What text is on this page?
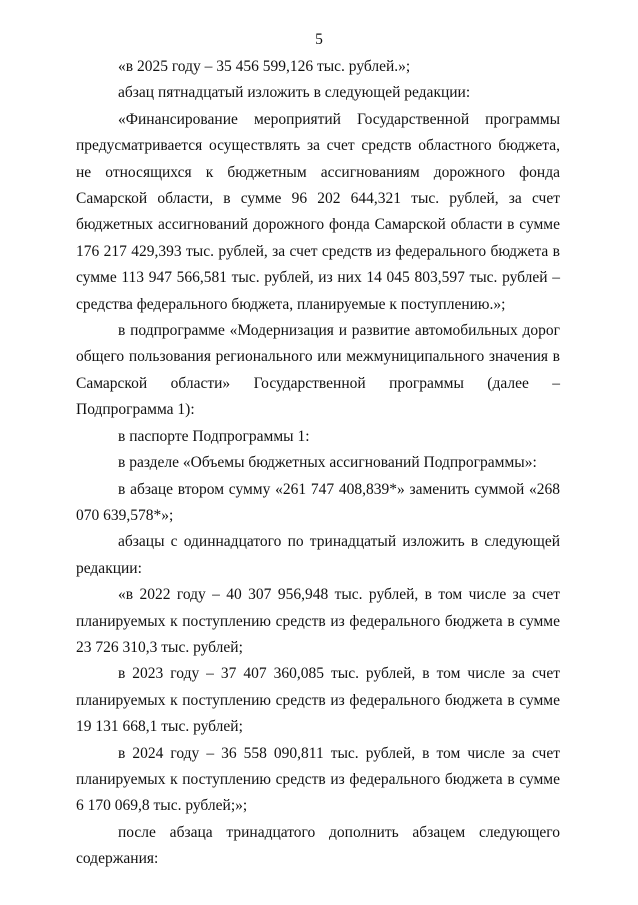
5

«в 2025 году – 35 456 599,126 тыс. рублей.»;

абзац пятнадцатый изложить в следующей редакции:

«Финансирование мероприятий Государственной программы предусматривается осуществлять за счет средств областного бюджета, не относящихся к бюджетным ассигнованиям дорожного фонда Самарской области, в сумме 96 202 644,321 тыс. рублей, за счет бюджетных ассигнований дорожного фонда Самарской области в сумме 176 217 429,393 тыс. рублей, за счет средств из федерального бюджета в сумме 113 947 566,581 тыс. рублей, из них 14 045 803,597 тыс. рублей – средства федерального бюджета, планируемые к поступлению.»;

в подпрограмме «Модернизация и развитие автомобильных дорог общего пользования регионального или межмуниципального значения в Самарской области» Государственной программы (далее – Подпрограмма 1):

в паспорте Подпрограммы 1:

в разделе «Объемы бюджетных ассигнований Подпрограммы»:

в абзаце втором сумму «261 747 408,839*» заменить суммой «268 070 639,578*»;

абзацы с одиннадцатого по тринадцатый изложить в следующей редакции:

«в 2022 году – 40 307 956,948 тыс. рублей, в том числе за счет планируемых к поступлению средств из федерального бюджета в сумме 23 726 310,3 тыс. рублей;

в 2023 году – 37 407 360,085 тыс. рублей, в том числе за счет планируемых к поступлению средств из федерального бюджета в сумме 19 131 668,1 тыс. рублей;

в 2024 году – 36 558 090,811 тыс. рублей, в том числе за счет планируемых к поступлению средств из федерального бюджета в сумме 6 170 069,8 тыс. рублей;»;

после абзаца тринадцатого дополнить абзацем следующего содержания:
